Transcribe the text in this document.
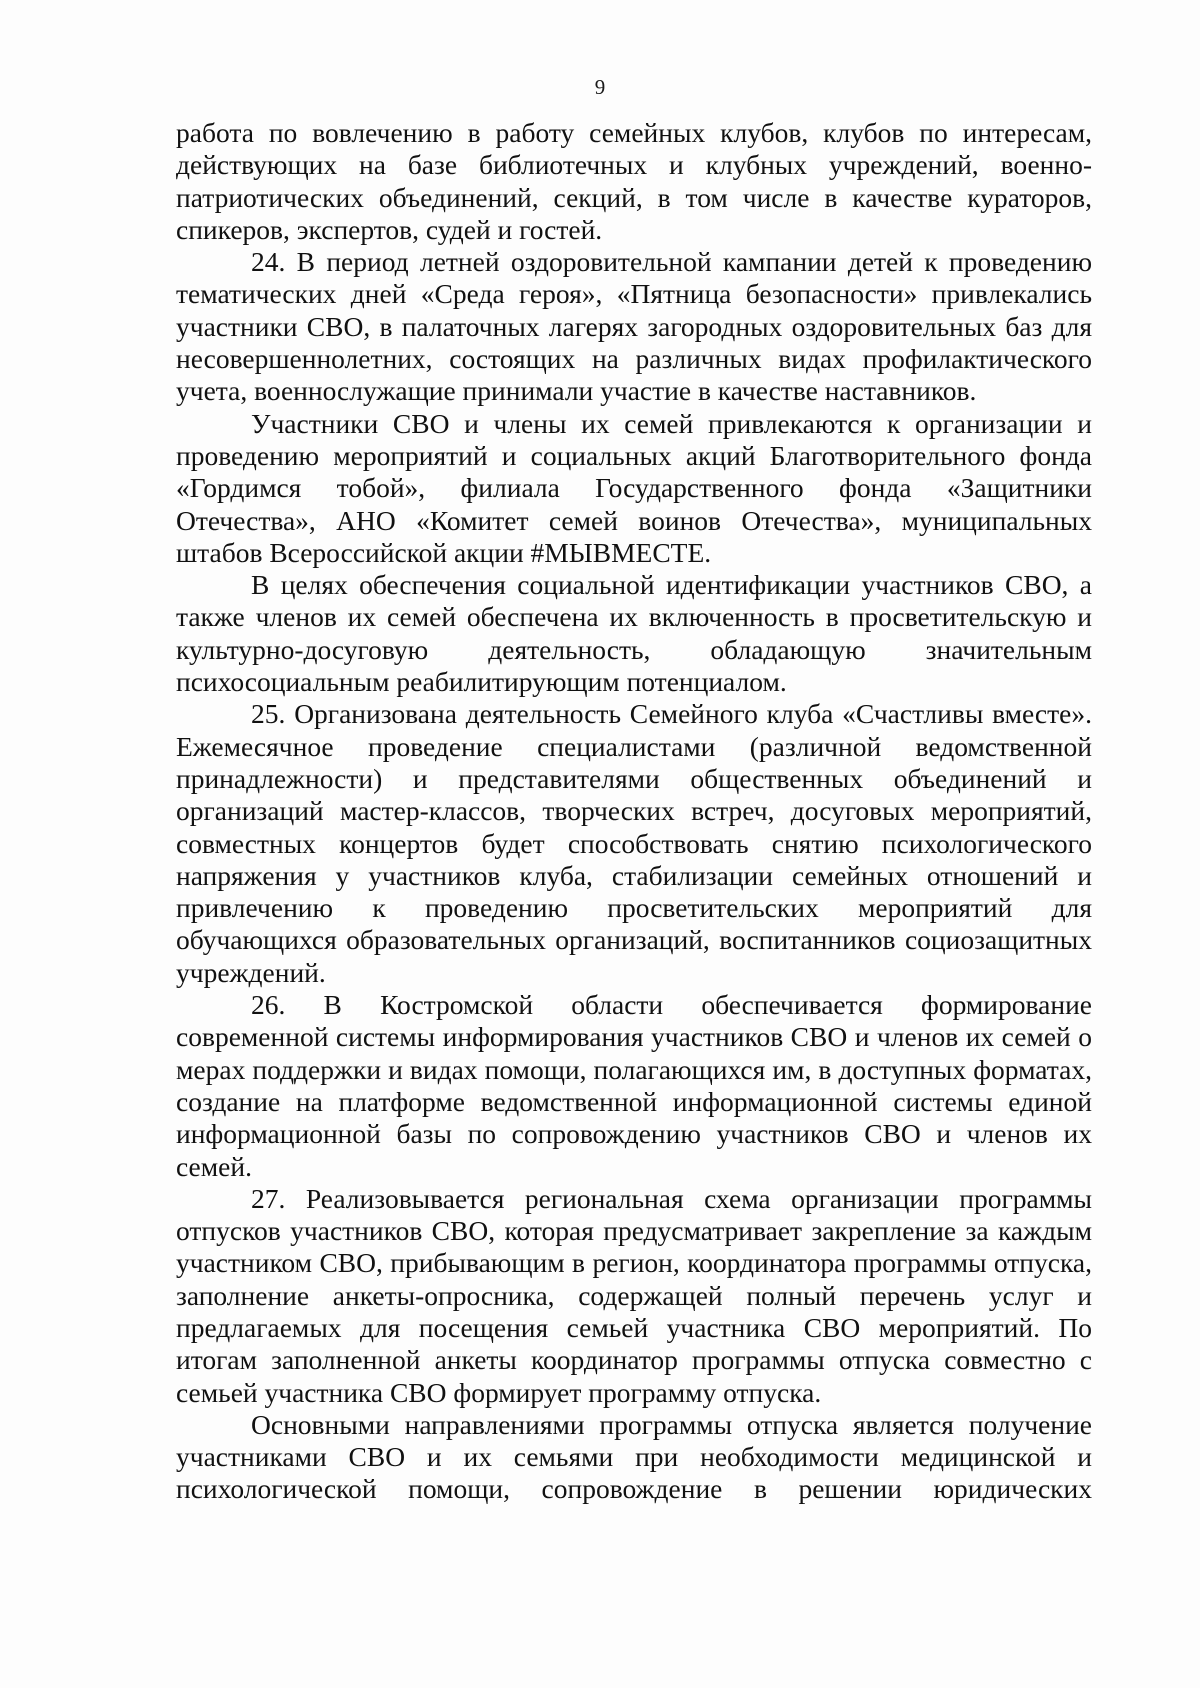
9

работа по вовлечению в работу семейных клубов, клубов по интересам, действующих на базе библиотечных и клубных учреждений, военно-патриотических объединений, секций, в том числе в качестве кураторов, спикеров, экспертов, судей и гостей.

24. В период летней оздоровительной кампании детей к проведению тематических дней «Среда героя», «Пятница безопасности» привлекались участники СВО, в палаточных лагерях загородных оздоровительных баз для несовершеннолетних, состоящих на различных видах профилактического учета, военнослужащие принимали участие в качестве наставников.

Участники СВО и члены их семей привлекаются к организации и проведению мероприятий и социальных акций Благотворительного фонда «Гордимся тобой», филиала Государственного фонда «Защитники Отечества», АНО «Комитет семей воинов Отечества», муниципальных штабов Всероссийской акции #МЫВМЕСТЕ.

В целях обеспечения социальной идентификации участников СВО, а также членов их семей обеспечена их включенность в просветительскую и культурно-досуговую деятельность, обладающую значительным психосоциальным реабилитирующим потенциалом.

25. Организована деятельность Семейного клуба «Счастливы вместе». Ежемесячное проведение специалистами (различной ведомственной принадлежности) и представителями общественных объединений и организаций мастер-классов, творческих встреч, досуговых мероприятий, совместных концертов будет способствовать снятию психологического напряжения у участников клуба, стабилизации семейных отношений и привлечению к проведению просветительских мероприятий для обучающихся образовательных организаций, воспитанников социозащитных учреждений.

26. В Костромской области обеспечивается формирование современной системы информирования участников СВО и членов их семей о мерах поддержки и видах помощи, полагающихся им, в доступных форматах, создание на платформе ведомственной информационной системы единой информационной базы по сопровождению участников СВО и членов их семей.

27. Реализовывается региональная схема организации программы отпусков участников СВО, которая предусматривает закрепление за каждым участником СВО, прибывающим в регион, координатора программы отпуска, заполнение анкеты-опросника, содержащей полный перечень услуг и предлагаемых для посещения семьей участника СВО мероприятий. По итогам заполненной анкеты координатор программы отпуска совместно с семьей участника СВО формирует программу отпуска.

Основными направлениями программы отпуска является получение участниками СВО и их семьями при необходимости медицинской и психологической помощи, сопровождение в решении юридических
